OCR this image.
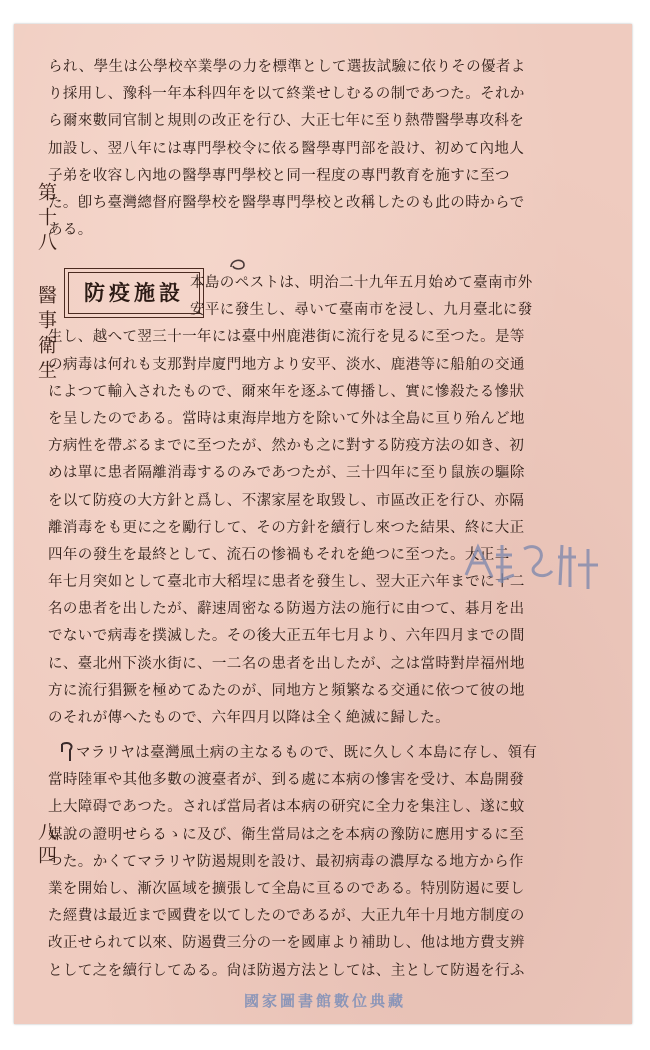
第十八 醫事衛生
八四
られ、學生は公學校卒業學の力を標準として選抜試驗に依りその優者よ
り採用し、豫科一年本科四年を以て終業せしむるの制であつた。それか
ら爾來數同官制と規則の改正を行ひ、大正七年に至り熱帶醫學專攻科を
加設し、翌八年には專門學校令に依る醫學專門部を設け、初めて內地人
子弟を收容し內地の醫學專門學校と同一程度の專門教育を施すに至つ
た。卽ち臺灣總督府醫學校を醫學專門學校と改稱したのも此の時からで
ある。
防疫施設 本島のペストは、明治二十九年五月始めて臺南市外
安平に發生し、尋いて臺南市を浸し、九月臺北に發
生し、越へて翌三十一年には臺中州鹿港街に流行を見るに至つた。是等
の病毒は何れも支那對岸廈門地方より安平、淡水、鹿港等に船舶の交通
によつて輸入されたもので、爾來年を逐ふて傳播し、實に慘殺たる慘狀
を呈したのである。當時は東海岸地方を除いて外は全島に亘り殆んど地
方病性を帶ぶるまでに至つたが、然かも之に對する防疫方法の如き、初
めは單に患者隔離消毒するのみであつたが、三十四年に至り鼠族の驅除
を以て防疫の大方針と爲し、不潔家屋を取毀し、市區改正を行ひ、亦隔
離消毒をも更に之を勵行して、その方針を續行し來つた結果、終に大正
四年の發生を最終として、流石の惨禍もそれを絶つに至つた。大正二
年七月突如として臺北市大稻埕に患者を發生し、翌大正六年までに十二
名の患者を出したが、辭速周密なる防遏方法の施行に由つて、碁月を出
でないで病毒を撲滅した。その後大正五年七月より、六年四月までの間
に、臺北州下淡水街に、一二名の患者を出したが、之は當時對岸福州地
方に流行猖獗を極めてゐたのが、同地方と頻繁なる交通に依つて彼の地
のそれが傳へたもので、六年四月以降は全く絶滅に歸した。
マラリヤは臺灣風土病の主なるもので、既に久しく本島に存し、領有
當時陸軍や其他多數の渡臺者が、到る處に本病の慘害を受け、本島開發
上大障碍であつた。されば當局者は本病の研究に全力を集注し、遂に蚊
媒說の證明せらるゝに及び、衛生當局は之を本病の豫防に應用するに至
つた。かくてマラリヤ防遏規則を設け、最初病毒の濃厚なる地方から作
業を開始し、漸次區域を擴張して全島に亘るのである。特別防遏に要し
た經費は最近まで國費を以てしたのであるが、大正九年十月地方制度の
改正せられて以來、防遏費三分の一を國庫より補助し、他は地方費支辨
として之を續行してゐる。尙ほ防遏方法としては、主として防遏を行ふ
國家圖書館數位典藏
